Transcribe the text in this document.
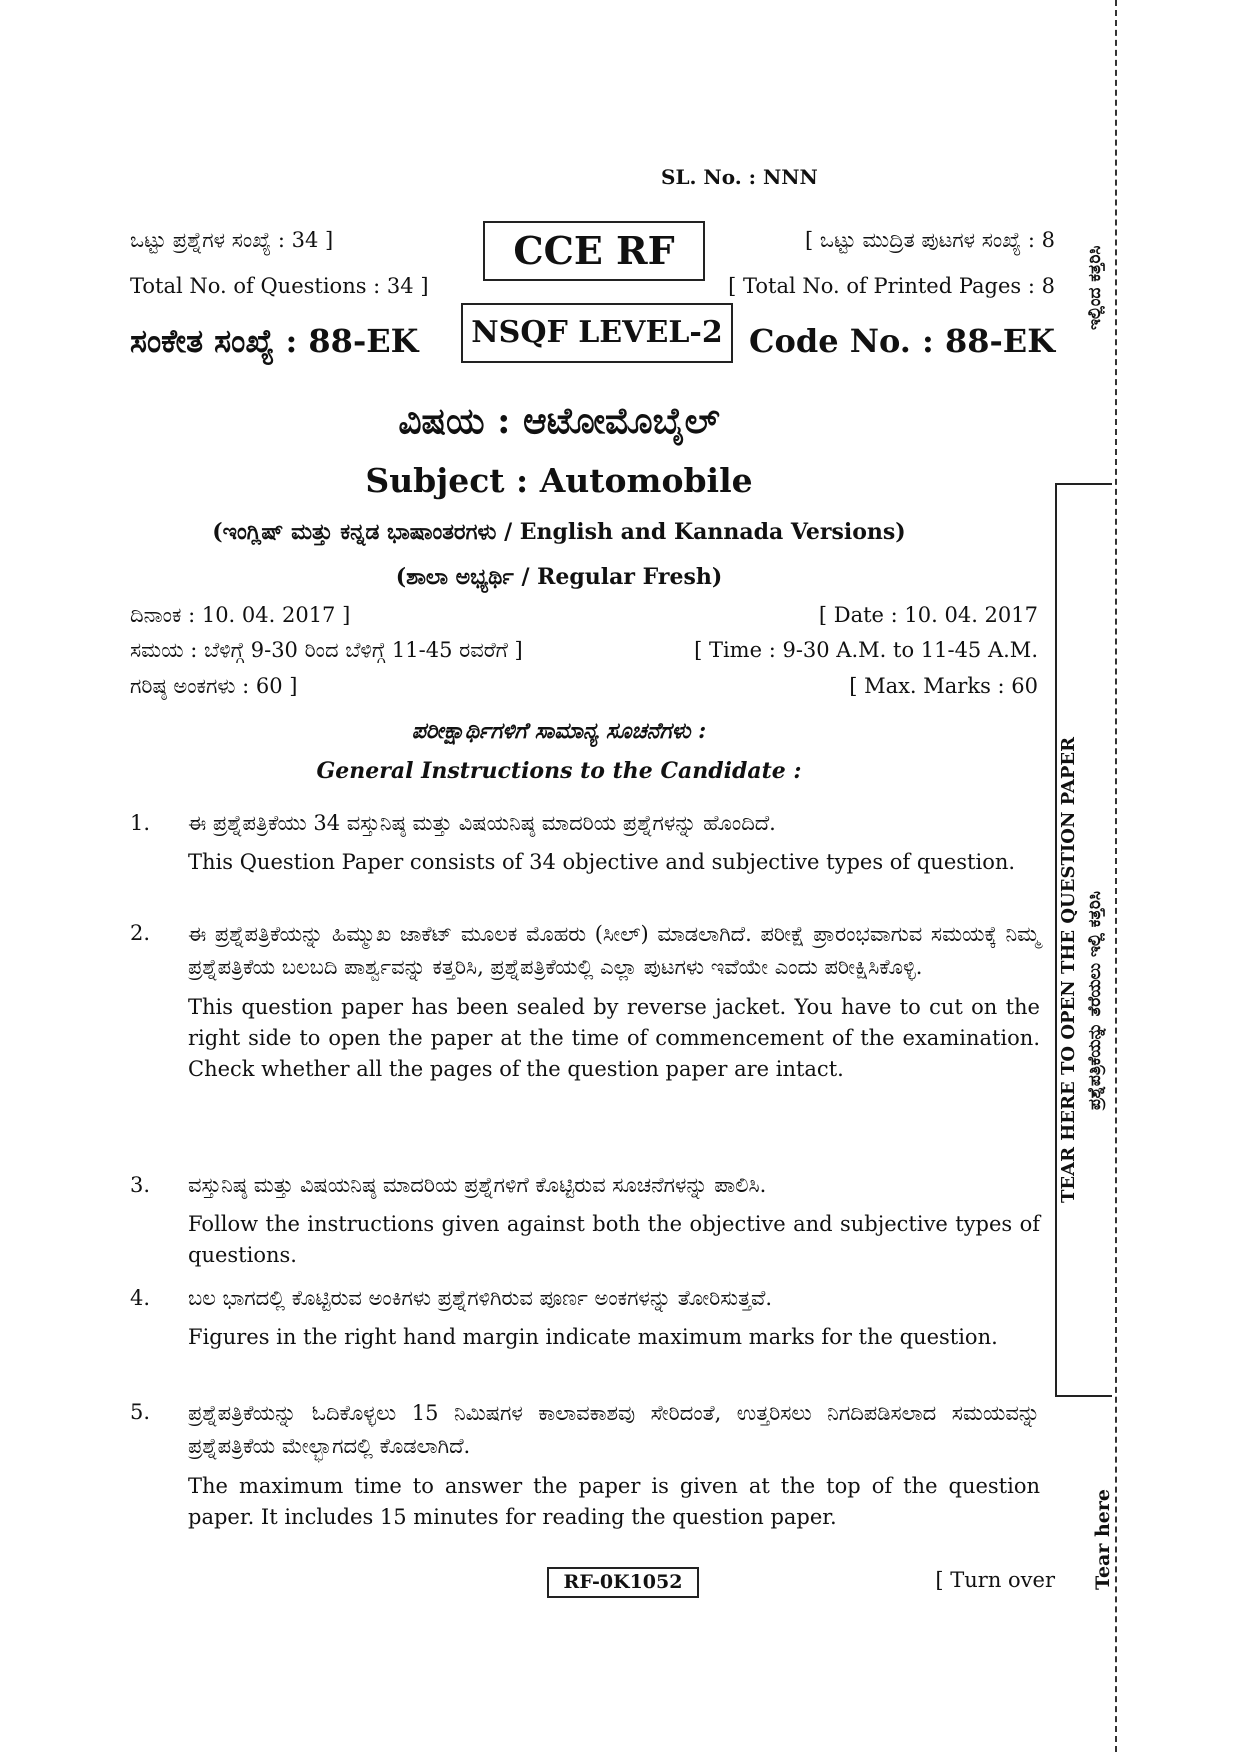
SL. No. : NNN
ಒಟ್ಟು ಪ್ರಶ್ನೆಗಳ ಸಂಖ್ಯೆ : 34 ]
Total No. of Questions : 34 ]
CCE RF	[ ಒಟ್ಟು ಮುದ್ರಿತ ಪುಟಗಳ ಸಂಖ್ಯೆ : 8
[ Total No. of Printed Pages : 8
ಸಂಕೇತ ಸಂಖ್ಯೆ : 88-EK	NSQF LEVEL-2 Code No. : 88-EK
ವಿಷಯ : ಆಟೋಮೊಬೈಲ್
Subject : Automobile
(ಇಂಗ್ಲಿಷ್ ಮತ್ತು ಕನ್ನಡ ಭಾಷಾಂತರಗಳು / English and Kannada Versions)
(ಶಾಲಾ ಅಭ್ಯರ್ಥಿ / Regular Fresh)
ದಿನಾಂಕ : 10. 04. 2017 ]	[ Date : 10. 04. 2017
ಸಮಯ : ಬೆಳಿಗ್ಗೆ 9-30 ರಿಂದ ಬೆಳಿಗ್ಗೆ 11-45 ರವರೆಗೆ ]	[ Time : 9-30 A.M. to 11-45 A.M.
ಗರಿಷ್ಠ ಅಂಕಗಳು : 60 ]	[ Max. Marks : 60
ಪರೀಕ್ಷಾರ್ಥಿಗಳಿಗೆ ಸಾಮಾನ್ಯ ಸೂಚನೆಗಳು :
General Instructions to the Candidate :
1. ಈ ಪ್ರಶ್ನೆಪತ್ರಿಕೆಯು 34 ವಸ್ತುನಿಷ್ಠ ಮತ್ತು ವಿಷಯನಿಷ್ಠ ಮಾದರಿಯ ಪ್ರಶ್ನೆಗಳನ್ನು ಹೊಂದಿದೆ.
This Question Paper consists of 34 objective and subjective types of question.
2. ಈ ಪ್ರಶ್ನೆಪತ್ರಿಕೆಯನ್ನು ಹಿಮ್ಮುಖ ಜಾಕೆಟ್ ಮೂಲಕ ಮೊಹರು (ಸೀಲ್) ಮಾಡಲಾಗಿದೆ. ಪರೀಕ್ಷೆ ಪ್ರಾರಂಭವಾಗುವ ಸಮಯಕ್ಕೆ ನಿಮ್ಮ ಪ್ರಶ್ನೆಪತ್ರಿಕೆಯ ಬಲಬದಿ ಪಾರ್ಶ್ವವನ್ನು ಕತ್ತರಿಸಿ, ಪ್ರಶ್ನೆಪತ್ರಿಕೆಯಲ್ಲಿ ಎಲ್ಲಾ ಪುಟಗಳು ಇವೆಯೇ ಎಂದು ಪರೀಕ್ಷಿಸಿಕೊಳ್ಳಿ.
This question paper has been sealed by reverse jacket. You have to cut on the right side to open the paper at the time of commencement of the examination. Check whether all the pages of the question paper are intact.
3. ವಸ್ತುನಿಷ್ಠ ಮತ್ತು ವಿಷಯನಿಷ್ಠ ಮಾದರಿಯ ಪ್ರಶ್ನೆಗಳಿಗೆ ಕೊಟ್ಟಿರುವ ಸೂಚನೆಗಳನ್ನು ಪಾಲಿಸಿ.
Follow the instructions given against both the objective and subjective types of questions.
4. ಬಲ ಭಾಗದಲ್ಲಿ ಕೊಟ್ಟಿರುವ ಅಂಕಿಗಳು ಪ್ರಶ್ನೆಗಳಿಗಿರುವ ಪೂರ್ಣ ಅಂಕಗಳನ್ನು ತೋರಿಸುತ್ತವೆ.
Figures in the right hand margin indicate maximum marks for the question.
5. ಪ್ರಶ್ನೆಪತ್ರಿಕೆಯನ್ನು ಓದಿಕೊಳ್ಳಲು 15 ನಿಮಿಷಗಳ ಕಾಲಾವಕಾಶವು ಸೇರಿದಂತೆ, ಉತ್ತರಿಸಲು ನಿಗದಿಪಡಿಸಲಾದ ಸಮಯವನ್ನು ಪ್ರಶ್ನೆಪತ್ರಿಕೆಯ ಮೇಲ್ಭಾಗದಲ್ಲಿ ಕೊಡಲಾಗಿದೆ.
The maximum time to answer the paper is given at the top of the question paper. It includes 15 minutes for reading the question paper.
RF-0K1052	[ Turn over
ಇಲ್ಲಿಂದ ಕತ್ತರಿಸಿ
TEAR HERE TO OPEN THE QUESTION PAPER ಪ್ರಶ್ನೆಪತ್ರಿಕೆಯನ್ನು ತೆರೆಯಲು ಇಲ್ಲಿ ಕತ್ತರಿಸಿ
Tear here
